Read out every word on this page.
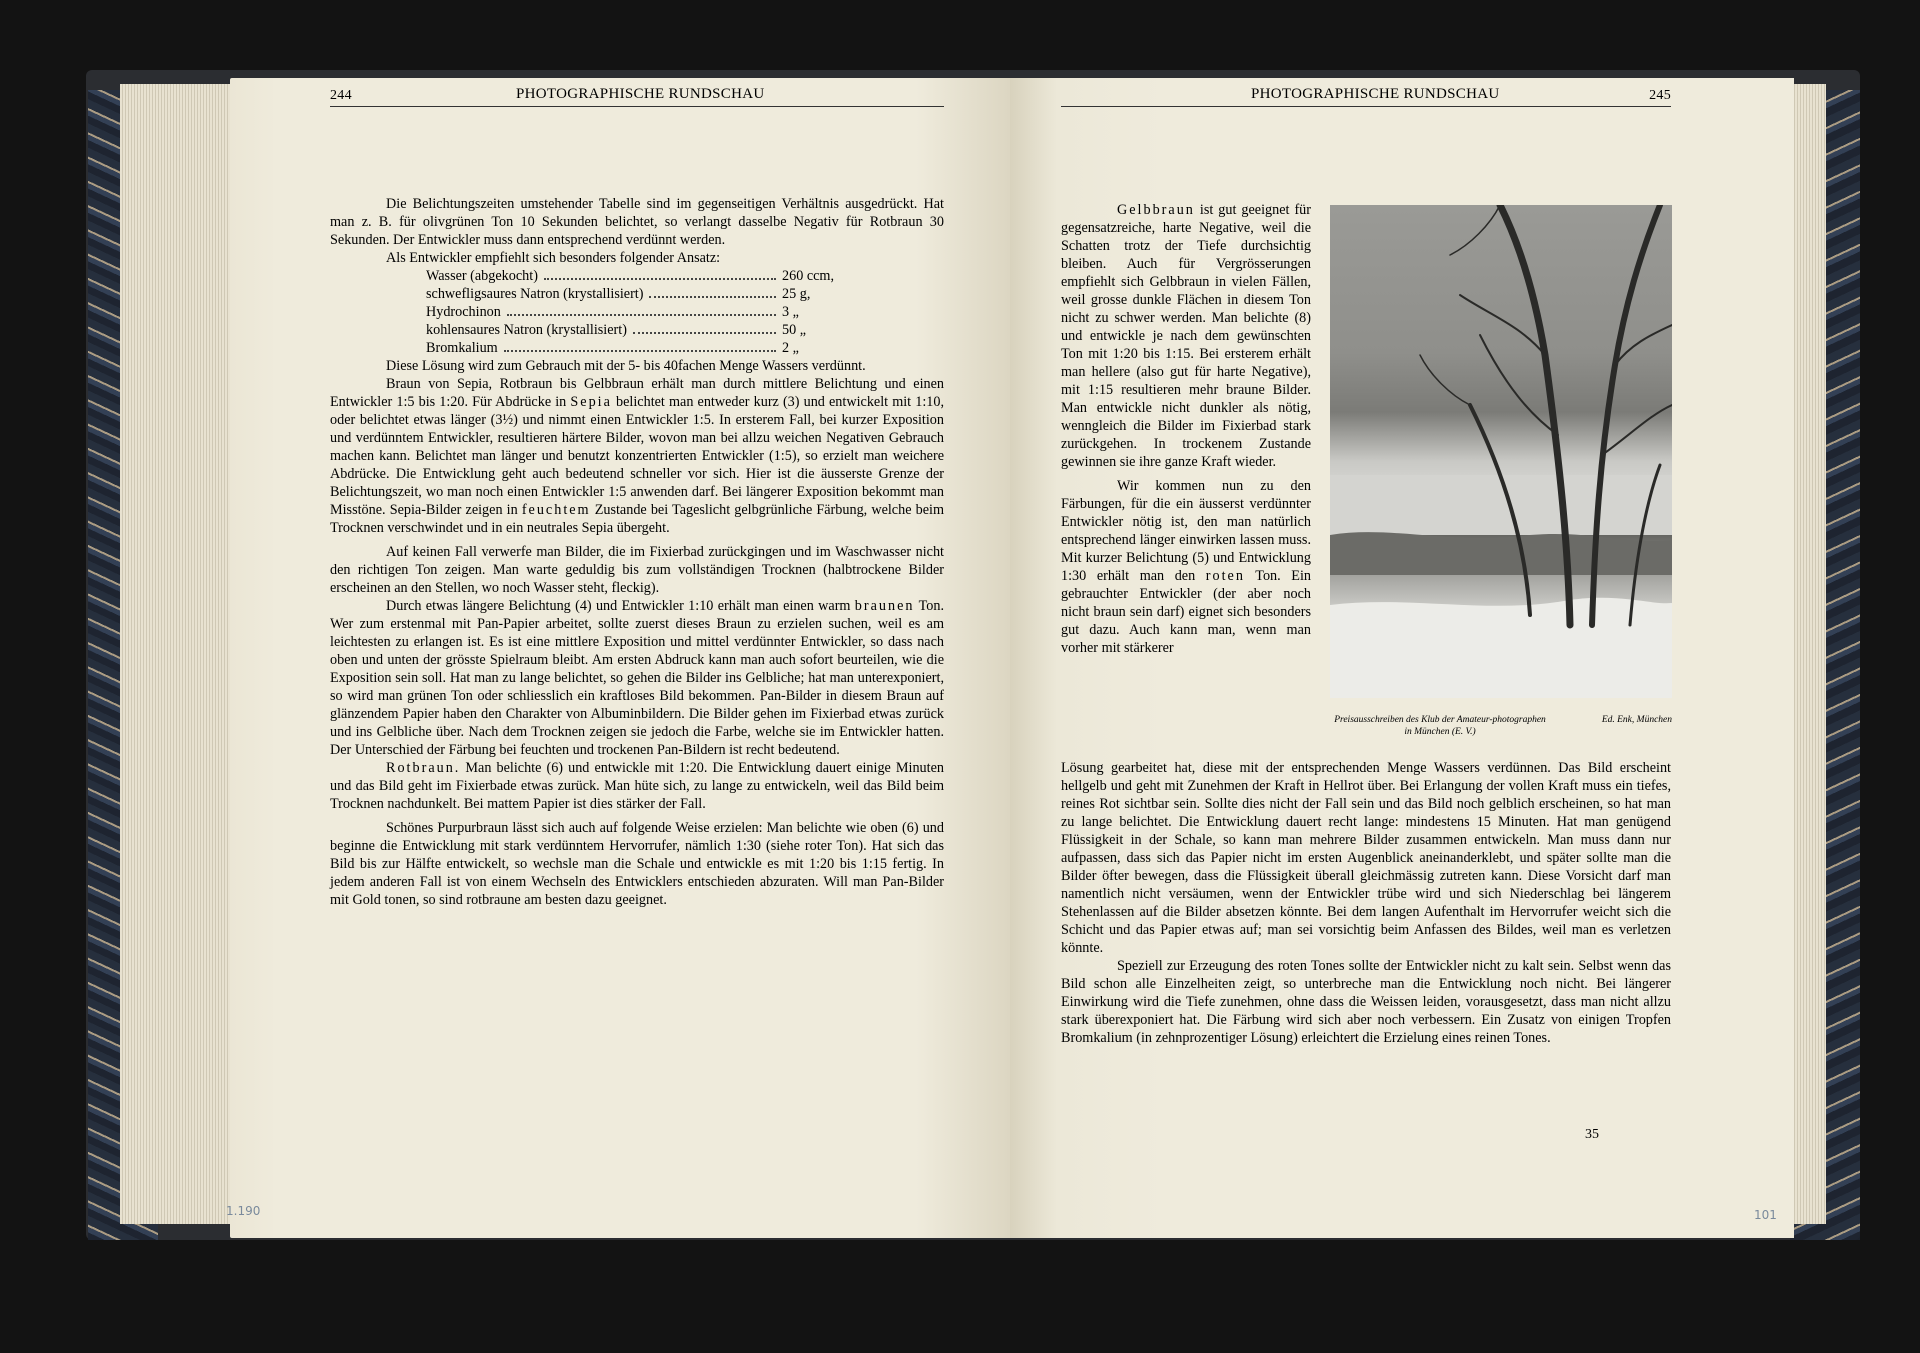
244	PHOTOGRAPHISCHE RUNDSCHAU

Die Belichtungszeiten umstehender Tabelle sind im gegenseitigen Verhältnis ausgedrückt. Hat man z. B. für olivgrünen Ton 10 Sekunden belichtet, so verlangt dasselbe Negativ für Rotbraun 30 Sekunden. Der Entwickler muss dann entsprechend verdünnt werden.

Als Entwickler empfiehlt sich besonders folgender Ansatz:

Wasser (abgekocht)	260 ccm,
schwefligsaures Natron (krystallisiert)	25 g,
Hydrochinon	3 „
kohlensaures Natron (krystallisiert)	50 „
Bromkalium	2 „

Diese Lösung wird zum Gebrauch mit der 5- bis 40fachen Menge Wassers verdünnt.

Braun von Sepia, Rotbraun bis Gelbbraun erhält man durch mittlere Belichtung und einen Entwickler 1:5 bis 1:20. Für Abdrücke in Sepia belichtet man entweder kurz (3) und entwickelt mit 1:10, oder belichtet etwas länger (3½) und nimmt einen Entwickler 1:5. In ersterem Fall, bei kurzer Exposition und verdünntem Entwickler, resultieren härtere Bilder, wovon man bei allzu weichen Negativen Gebrauch machen kann. Belichtet man länger und benutzt konzentrierten Entwickler (1:5), so erzielt man weichere Abdrücke. Die Entwicklung geht auch bedeutend schneller vor sich. Hier ist die äusserste Grenze der Belichtungszeit, wo man noch einen Entwickler 1:5 anwenden darf. Bei längerer Exposition bekommt man Misstöne. Sepia-Bilder zeigen in feuchtem Zustande bei Tageslicht gelbgrünliche Färbung, welche beim Trocknen verschwindet und in ein neutrales Sepia übergeht.

Auf keinen Fall verwerfe man Bilder, die im Fixierbad zurückgingen und im Waschwasser nicht den richtigen Ton zeigen. Man warte geduldig bis zum vollständigen Trocknen (halbtrockene Bilder erscheinen an den Stellen, wo noch Wasser steht, fleckig).

Durch etwas längere Belichtung (4) und Entwickler 1:10 erhält man einen warm braunen Ton. Wer zum erstenmal mit Pan-Papier arbeitet, sollte zuerst dieses Braun zu erzielen suchen, weil es am leichtesten zu erlangen ist. Es ist eine mittlere Exposition und mittel verdünnter Entwickler, so dass nach oben und unten der grösste Spielraum bleibt. Am ersten Abdruck kann man auch sofort beurteilen, wie die Exposition sein soll. Hat man zu lange belichtet, so gehen die Bilder ins Gelbliche; hat man unterexponiert, so wird man grünen Ton oder schliesslich ein kraftloses Bild bekommen. Pan-Bilder in diesem Braun auf glänzendem Papier haben den Charakter von Albuminbildern. Die Bilder gehen im Fixierbad etwas zurück und ins Gelbliche über. Nach dem Trocknen zeigen sie jedoch die Farbe, welche sie im Entwickler hatten. Der Unterschied der Färbung bei feuchten und trockenen Pan-Bildern ist recht bedeutend.

Rotbraun. Man belichte (6) und entwickle mit 1:20. Die Entwicklung dauert einige Minuten und das Bild geht im Fixierbade etwas zurück. Man hüte sich, zu lange zu entwickeln, weil das Bild beim Trocknen nachdunkelt. Bei mattem Papier ist dies stärker der Fall.

Schönes Purpurbraun lässt sich auch auf folgende Weise erzielen: Man belichte wie oben (6) und beginne die Entwicklung mit stark verdünntem Hervorrufer, nämlich 1:30 (siehe roter Ton). Hat sich das Bild bis zur Hälfte entwickelt, so wechsle man die Schale und entwickle es mit 1:20 bis 1:15 fertig. In jedem anderen Fall ist von einem Wechseln des Entwicklers entschieden abzuraten. Will man Pan-Bilder mit Gold tonen, so sind rotbraune am besten dazu geeignet.

1.190
PHOTOGRAPHISCHE RUNDSCHAU	245

Gelbbraun ist gut geeignet für gegensatzreiche, harte Negative, weil die Schatten trotz der Tiefe durchsichtig bleiben. Auch für Vergrösserungen empfiehlt sich Gelbbraun in vielen Fällen, weil grosse dunkle Flächen in diesem Ton nicht zu schwer werden. Man belichte (8) und entwickle je nach dem gewünschten Ton mit 1:20 bis 1:15. Bei ersterem erhält man hellere (also gut für harte Negative), mit 1:15 resultieren mehr braune Bilder. Man entwickle nicht dunkler als nötig, wenngleich die Bilder im Fixierbad stark zurückgehen. In trockenem Zustande gewinnen sie ihre ganze Kraft wieder.

Wir kommen nun zu den Färbungen, für die ein äusserst verdünnter Entwickler nötig ist, den man natürlich entsprechend länger einwirken lassen muss. Mit kurzer Belichtung (5) und Entwicklung 1:30 erhält man den roten Ton. Ein gebrauchter Entwickler (der aber noch nicht braun sein darf) eignet sich besonders gut dazu. Auch kann man, wenn man vorher mit stärkerer

Preisausschreiben des Klub der Amateur-photographen in München (E. V.)
Ed. Enk, München

Lösung gearbeitet hat, diese mit der entsprechenden Menge Wassers verdünnen. Das Bild erscheint hellgelb und geht mit Zunehmen der Kraft in Hellrot über. Bei Erlangung der vollen Kraft muss ein tiefes, reines Rot sichtbar sein. Sollte dies nicht der Fall sein und das Bild noch gelblich erscheinen, so hat man zu lange belichtet. Die Entwicklung dauert recht lange: mindestens 15 Minuten. Hat man genügend Flüssigkeit in der Schale, so kann man mehrere Bilder zusammen entwickeln. Man muss dann nur aufpassen, dass sich das Papier nicht im ersten Augenblick aneinanderklebt, und später sollte man die Bilder öfter bewegen, dass die Flüssigkeit überall gleichmässig zutreten kann. Diese Vorsicht darf man namentlich nicht versäumen, wenn der Entwickler trübe wird und sich Niederschlag bei längerem Stehenlassen auf die Bilder absetzen könnte. Bei dem langen Aufenthalt im Hervorrufer weicht sich die Schicht und das Papier etwas auf; man sei vorsichtig beim Anfassen des Bildes, weil man es verletzen könnte.

Speziell zur Erzeugung des roten Tones sollte der Entwickler nicht zu kalt sein. Selbst wenn das Bild schon alle Einzelheiten zeigt, so unterbreche man die Entwicklung noch nicht. Bei längerer Einwirkung wird die Tiefe zunehmen, ohne dass die Weissen leiden, vorausgesetzt, dass man nicht allzu stark überexponiert hat. Die Färbung wird sich aber noch verbessern. Ein Zusatz von einigen Tropfen Bromkalium (in zehnprozentiger Lösung) erleichtert die Erzielung eines reinen Tones.

35
101
